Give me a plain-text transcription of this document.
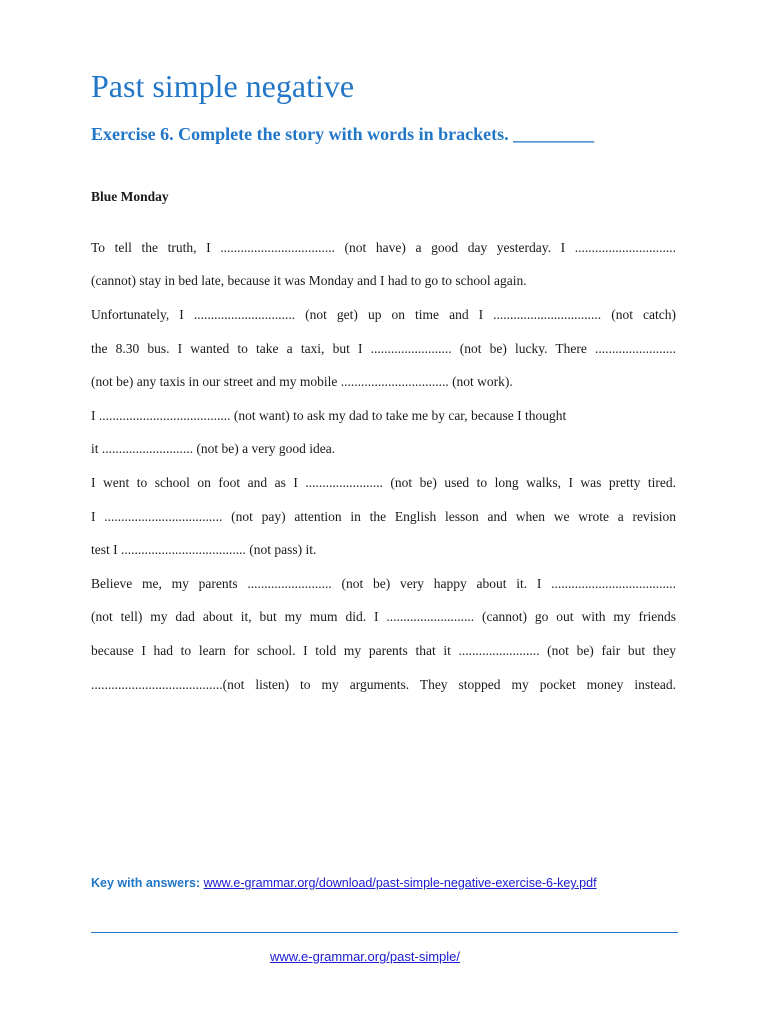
Past simple negative
Exercise 6. Complete the story with words in brackets. _________

Blue Monday

To tell the truth, I .................................. (not have) a good day yesterday. I ..............................

(cannot) stay in bed late, because it was Monday and I had to go to school again.

Unfortunately, I .............................. (not get) up on time and I ................................ (not catch)

the 8.30 bus. I wanted to take a taxi, but I ........................ (not be) lucky. There ........................

(not be) any taxis in our street and my mobile ................................ (not work).

I ....................................... (not want) to ask my dad to take me by car, because I thought

it ........................... (not be) a very good idea.

I went to school on foot and as I ....................... (not be) used to long walks, I was pretty tired.

I ................................... (not pay) attention in the English lesson and when we wrote a revision

test I ..................................... (not pass) it.

Believe me, my parents ......................... (not be) very happy about it. I .....................................

(not tell) my dad about it, but my mum did. I .......................... (cannot) go out with my friends

because I had to learn for school. I told my parents that it ........................ (not be) fair but they

.......................................(not listen) to my arguments. They stopped my pocket money instead.

Key with answers: www.e-grammar.org/download/past-simple-negative-exercise-6-key.pdf
www.e-grammar.org/past-simple/
